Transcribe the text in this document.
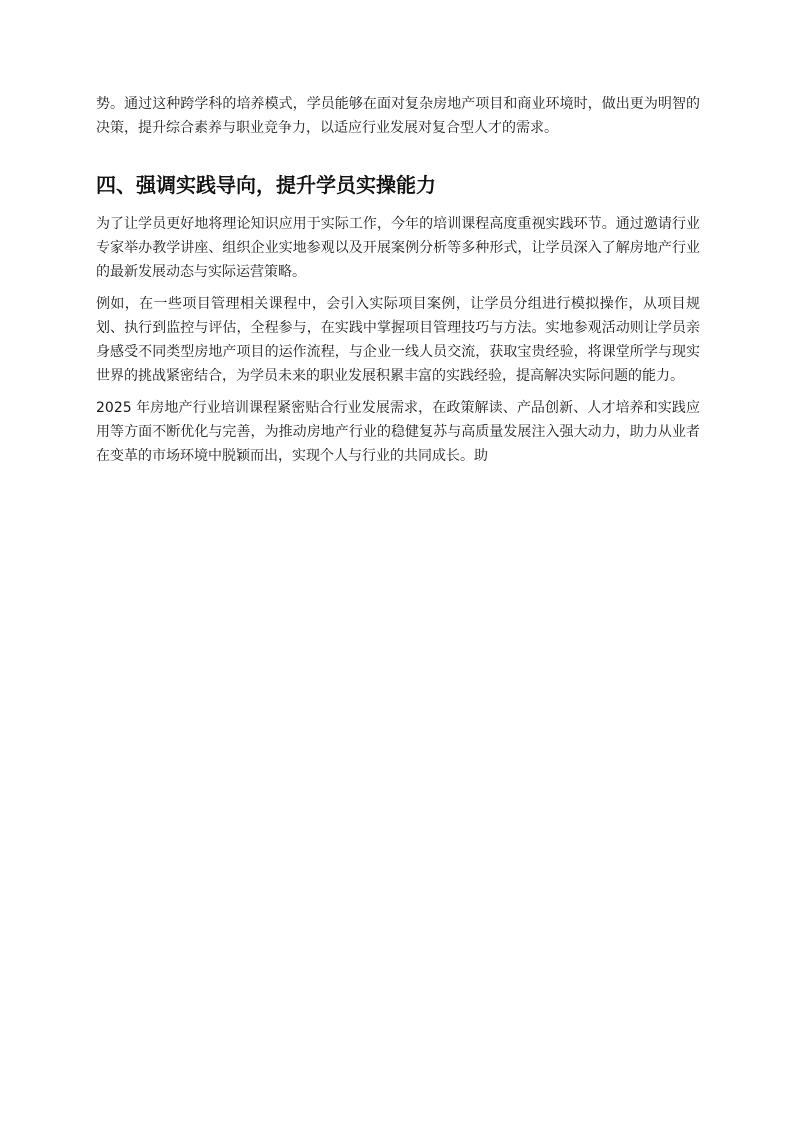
势。通过这种跨学科的培养模式，学员能够在面对复杂房地产项目和商业环境时，做出更为明智的决策，提升综合素养与职业竞争力，以适应行业发展对复合型人才的需求。

四、强调实践导向，提升学员实操能力

为了让学员更好地将理论知识应用于实际工作，今年的培训课程高度重视实践环节。通过邀请行业专家举办教学讲座、组织企业实地参观以及开展案例分析等多种形式，让学员深入了解房地产行业的最新发展动态与实际运营策略。

例如，在一些项目管理相关课程中，会引入实际项目案例，让学员分组进行模拟操作，从项目规划、执行到监控与评估，全程参与，在实践中掌握项目管理技巧与方法。实地参观活动则让学员亲身感受不同类型房地产项目的运作流程，与企业一线人员交流，获取宝贵经验，将课堂所学与现实世界的挑战紧密结合，为学员未来的职业发展积累丰富的实践经验，提高解决实际问题的能力。

2025 年房地产行业培训课程紧密贴合行业发展需求，在政策解读、产品创新、人才培养和实践应用等方面不断优化与完善，为推动房地产行业的稳健复苏与高质量发展注入强大动力，助力从业者在变革的市场环境中脱颖而出，实现个人与行业的共同成长。助
